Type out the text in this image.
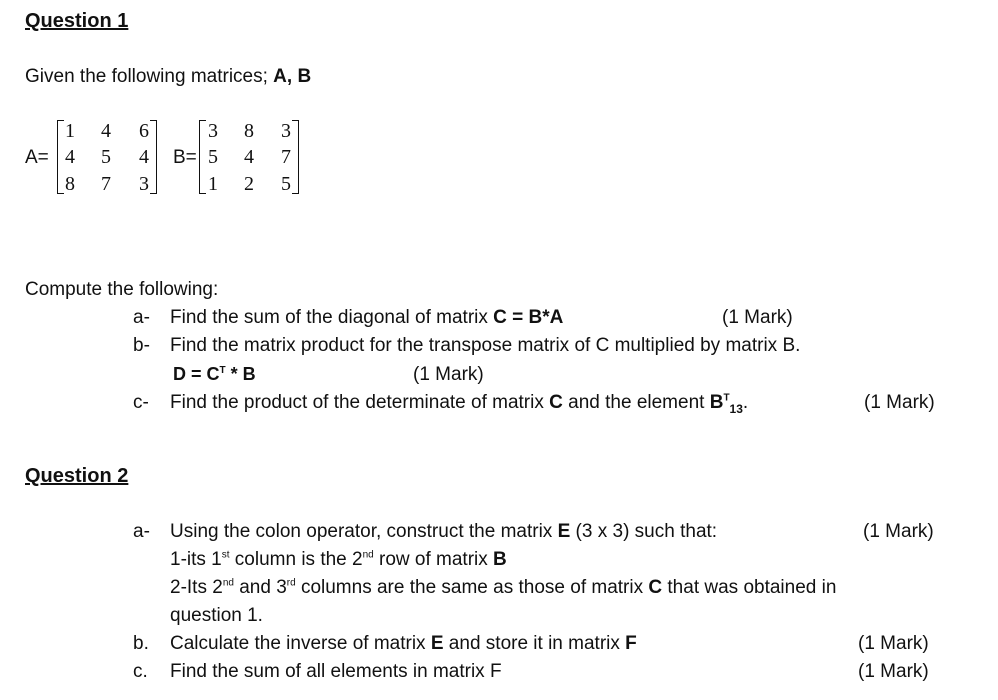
Question 1
Given the following matrices; A, B
A=
1	4	6
4	5	4
8	7	3
B=
3	8	3
5	4	7
1	2	5
Compute the following:
a- Find the sum of the diagonal of matrix C = B*A	(1 Mark)
b- Find the matrix product for the transpose matrix of C multiplied by matrix B.
$D = C^T * B$	(1 Mark)
c- Find the product of the determinate of matrix C and the element $B^T_{13}$.	(1 Mark)
Question 2
a- Using the colon operator, construct the matrix E (3 x 3) such that:	(1 Mark)
1-its 1st column is the 2nd row of matrix B
2-Its 2nd and 3rd columns are the same as those of matrix C that was obtained in
question 1.
b. Calculate the inverse of matrix E and store it in matrix F	(1 Mark)
c. Find the sum of all elements in matrix F	(1 Mark)
